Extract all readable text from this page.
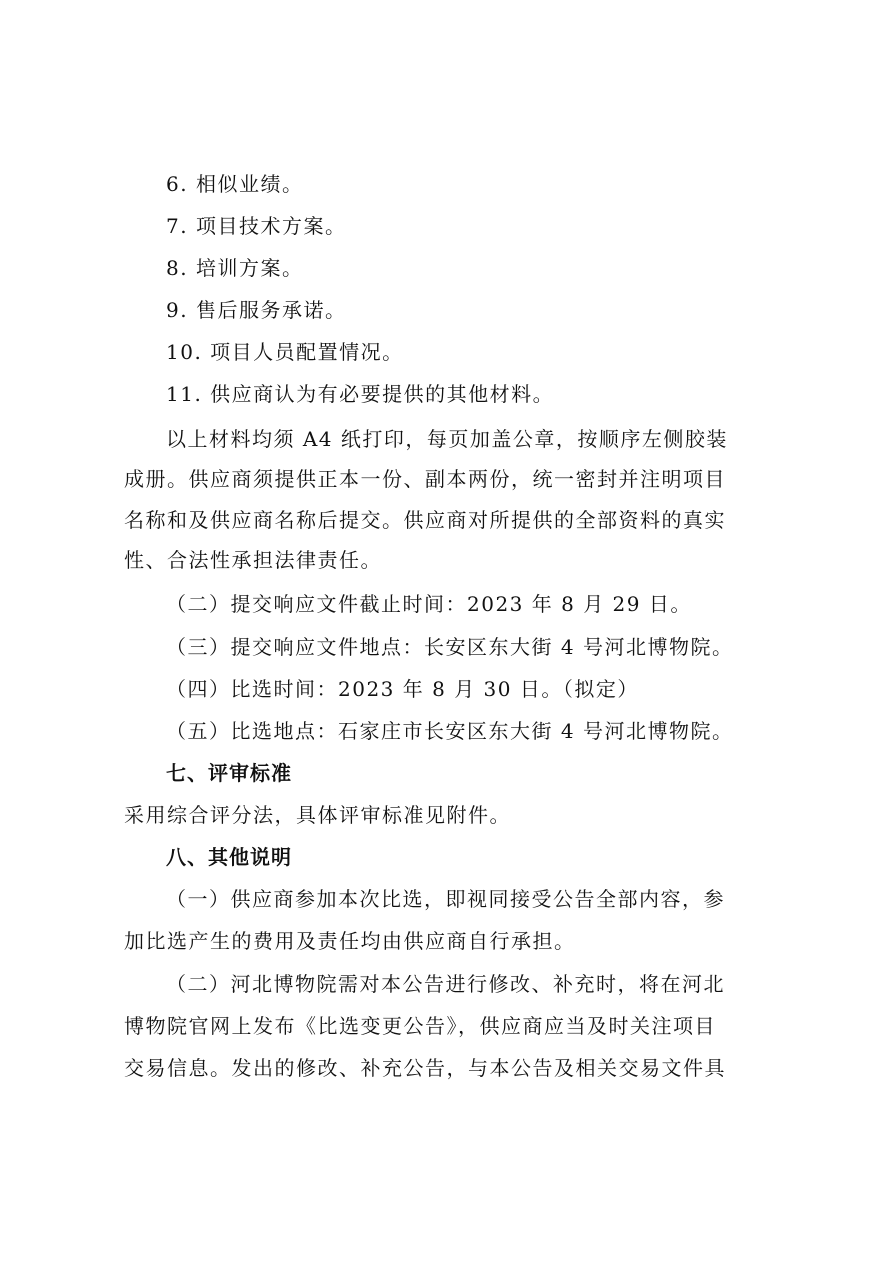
6. 相似业绩。
7. 项目技术方案。
8. 培训方案。
9. 售后服务承诺。
10. 项目人员配置情况。
11. 供应商认为有必要提供的其他材料。
以上材料均须 A4 纸打印，每页加盖公章，按顺序左侧胶装
成册。供应商须提供正本一份、副本两份，统一密封并注明项目
名称和及供应商名称后提交。供应商对所提供的全部资料的真实
性、合法性承担法律责任。
（二）提交响应文件截止时间：2023 年 8 月 29 日。
（三）提交响应文件地点：长安区东大街 4 号河北博物院。
（四）比选时间：2023 年 8 月 30 日。（拟定）
（五）比选地点：石家庄市长安区东大街 4 号河北博物院。
七、评审标准
采用综合评分法，具体评审标准见附件。
八、其他说明
（一）供应商参加本次比选，即视同接受公告全部内容，参
加比选产生的费用及责任均由供应商自行承担。
（二）河北博物院需对本公告进行修改、补充时，将在河北
博物院官网上发布《比选变更公告》，供应商应当及时关注项目
交易信息。发出的修改、补充公告，与本公告及相关交易文件具
